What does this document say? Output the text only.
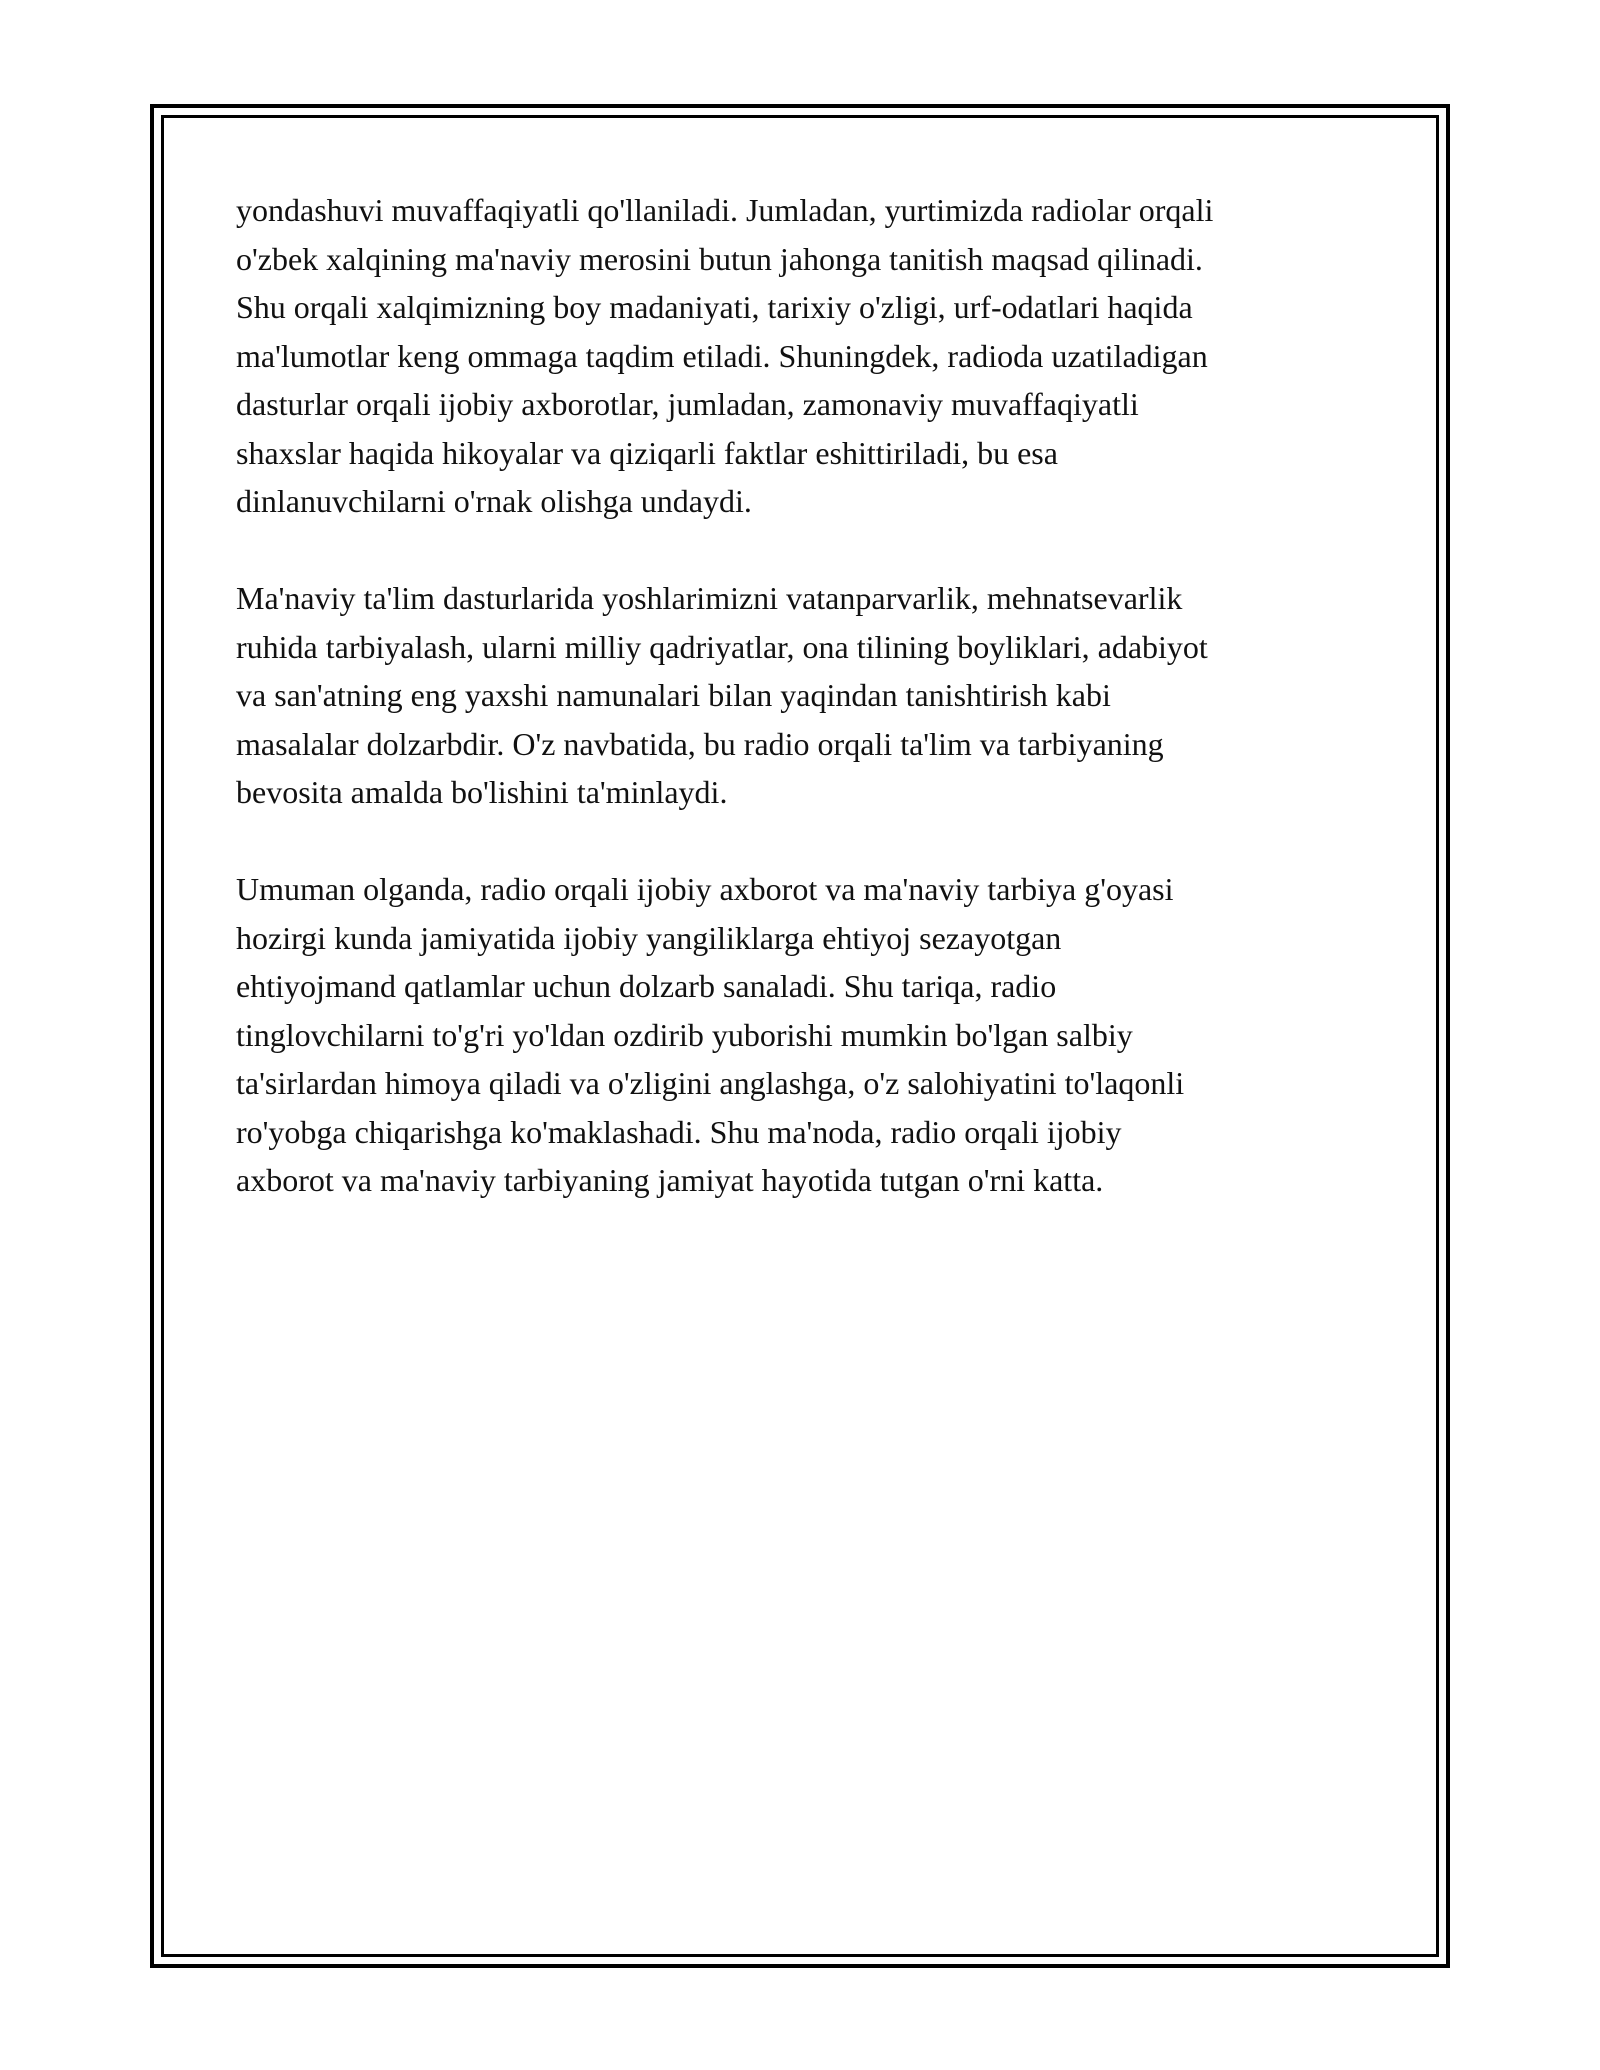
yondashuvi muvaffaqiyatli qo'llaniladi. Jumladan, yurtimizda radiolar orqali
o'zbek xalqining ma'naviy merosini butun jahonga tanitish maqsad qilinadi.
Shu orqali xalqimizning boy madaniyati, tarixiy o'zligi, urf-odatlari haqida
ma'lumotlar keng ommaga taqdim etiladi. Shuningdek, radioda uzatiladigan
dasturlar orqali ijobiy axborotlar, jumladan, zamonaviy muvaffaqiyatli
shaxslar haqida hikoyalar va qiziqarli faktlar eshittiriladi, bu esa
dinlanuvchilarni o'rnak olishga undaydi.

Ma'naviy ta'lim dasturlarida yoshlarimizni vatanparvarlik, mehnatsevarlik
ruhida tarbiyalash, ularni milliy qadriyatlar, ona tilining boyliklari, adabiyot
va san'atning eng yaxshi namunalari bilan yaqindan tanishtirish kabi
masalalar dolzarbdir. O'z navbatida, bu radio orqali ta'lim va tarbiyaning
bevosita amalda bo'lishini ta'minlaydi.

Umuman olganda, radio orqali ijobiy axborot va ma'naviy tarbiya g'oyasi
hozirgi kunda jamiyatida ijobiy yangiliklarga ehtiyoj sezayotgan
ehtiyojmand qatlamlar uchun dolzarb sanaladi. Shu tariqa, radio
tinglovchilarni to'g'ri yo'ldan ozdirib yuborishi mumkin bo'lgan salbiy
ta'sirlardan himoya qiladi va o'zligini anglashga, o'z salohiyatini to'laqonli
ro'yobga chiqarishga ko'maklashadi. Shu ma'noda, radio orqali ijobiy
axborot va ma'naviy tarbiyaning jamiyat hayotida tutgan o'rni katta.
